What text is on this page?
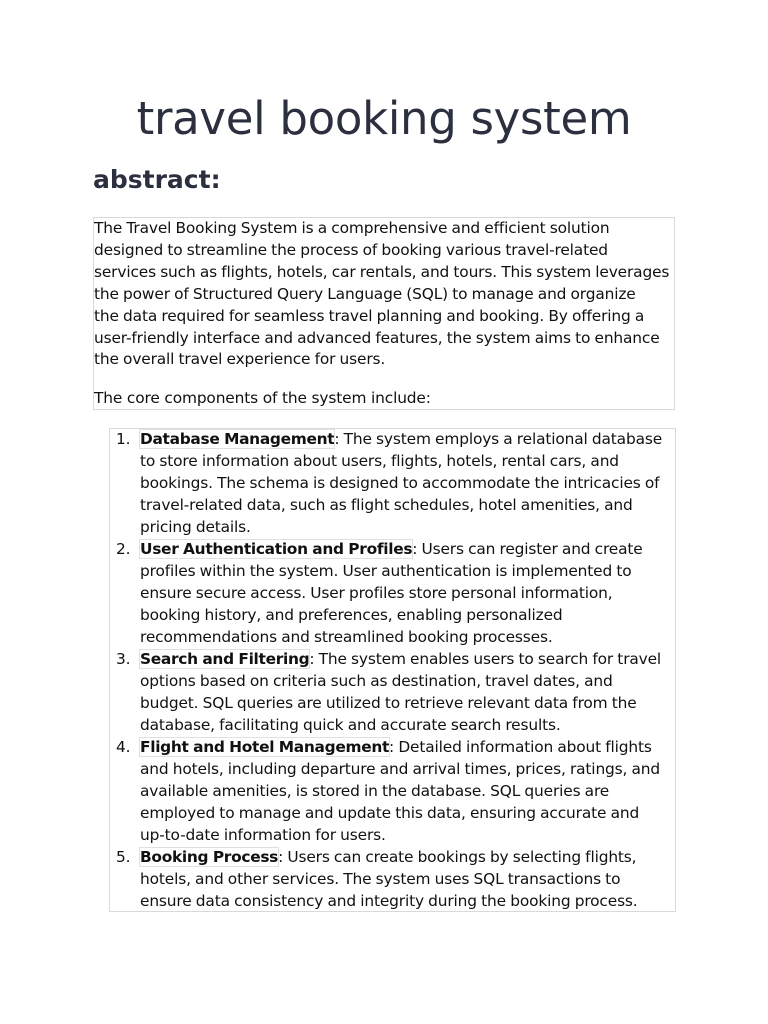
travel booking system
abstract:

The Travel Booking System is a comprehensive and efficient solution
designed to streamline the process of booking various travel-related
services such as flights, hotels, car rentals, and tours. This system leverages
the power of Structured Query Language (SQL) to manage and organize
the data required for seamless travel planning and booking. By offering a
user-friendly interface and advanced features, the system aims to enhance
the overall travel experience for users.

The core components of the system include:

1. Database Management: The system employs a relational database
to store information about users, flights, hotels, rental cars, and
bookings. The schema is designed to accommodate the intricacies of
travel-related data, such as flight schedules, hotel amenities, and
pricing details.
2. User Authentication and Profiles: Users can register and create
profiles within the system. User authentication is implemented to
ensure secure access. User profiles store personal information,
booking history, and preferences, enabling personalized
recommendations and streamlined booking processes.
3. Search and Filtering: The system enables users to search for travel
options based on criteria such as destination, travel dates, and
budget. SQL queries are utilized to retrieve relevant data from the
database, facilitating quick and accurate search results.
4. Flight and Hotel Management: Detailed information about flights
and hotels, including departure and arrival times, prices, ratings, and
available amenities, is stored in the database. SQL queries are
employed to manage and update this data, ensuring accurate and
up-to-date information for users.
5. Booking Process: Users can create bookings by selecting flights,
hotels, and other services. The system uses SQL transactions to
ensure data consistency and integrity during the booking process.
